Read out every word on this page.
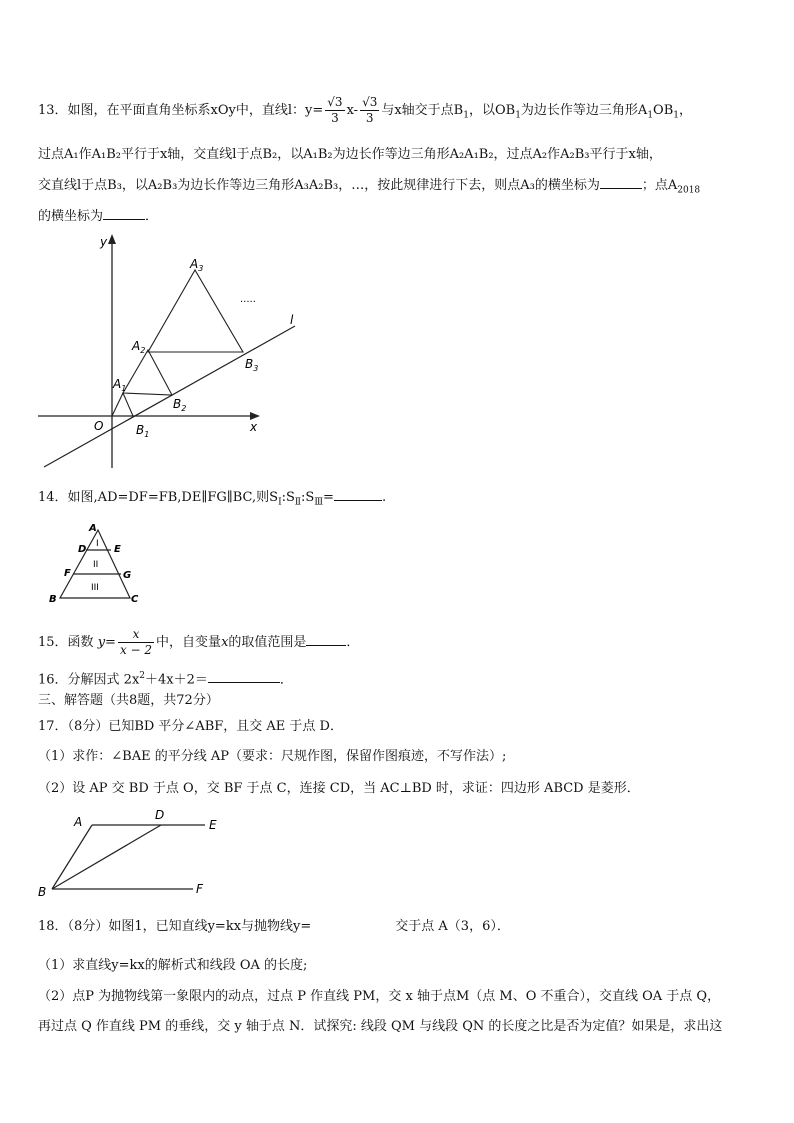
13．如图，在平面直角坐标系xOy中，直线l：$y= \frac{√3}{3} x- \frac{√3}{3}$ 与x轴交于点$B_1$，以$OB_1$为边长作等边三角形$A_1OB_1$，
过点A₁作A₁B₂平行于x轴，交直线l于点B₂，以A₁B₂为边长作等边三角形A₂A₁B₂，过点A₂作A₂B₃平行于x轴，
交直线l于点B₃，以A₂B₃为边长作等边三角形A₃A₂B₃，…，按此规律进行下去，则点A₃的横坐标为	；点$A_{2018}$
的横坐标为	．
y
x
l
O
$A_3$
$A_2$
$A_1$
$B_3$
$B_2$
$B_1$
.....
14．如图,AD=DF=FB,DE∥FG∥BC,则$S_Ⅰ:S_Ⅱ:S_Ⅲ=$	.
A
D	E
F	G
B	C
I
II
III
15．函数 $y= \frac{x}{x - 2}$ 中，自变量x的取值范围是	．
16．分解因式 $2x^2+4x+2=$	．
三、解答题（共8题，共72分）
17．（8分）已知BD 平分∠ABF，且交 AE 于点 D．
（1）求作：∠BAE 的平分线 AP（要求：尺规作图，保留作图痕迹，不写作法）;
（2）设 AP 交 BD 于点 O，交 BF 于点 C，连接 CD，当 AC⊥BD 时，求证：四边形 ABCD 是菱形．
A	D
E
B	F
18．（8分）如图1，已知直线y=kx与抛物线y=	交于点 A（3，6）．
（1）求直线y=kx的解析式和线段 OA 的长度;
（2）点P 为抛物线第一象限内的动点，过点 P 作直线 PM，交 x 轴于点M（点 M、O 不重合），交直线 OA 于点 Q，
再过点 Q 作直线 PM 的垂线，交 y 轴于点 N．试探究: 线段 QM 与线段 QN 的长度之比是否为定值？如果是，求出这
